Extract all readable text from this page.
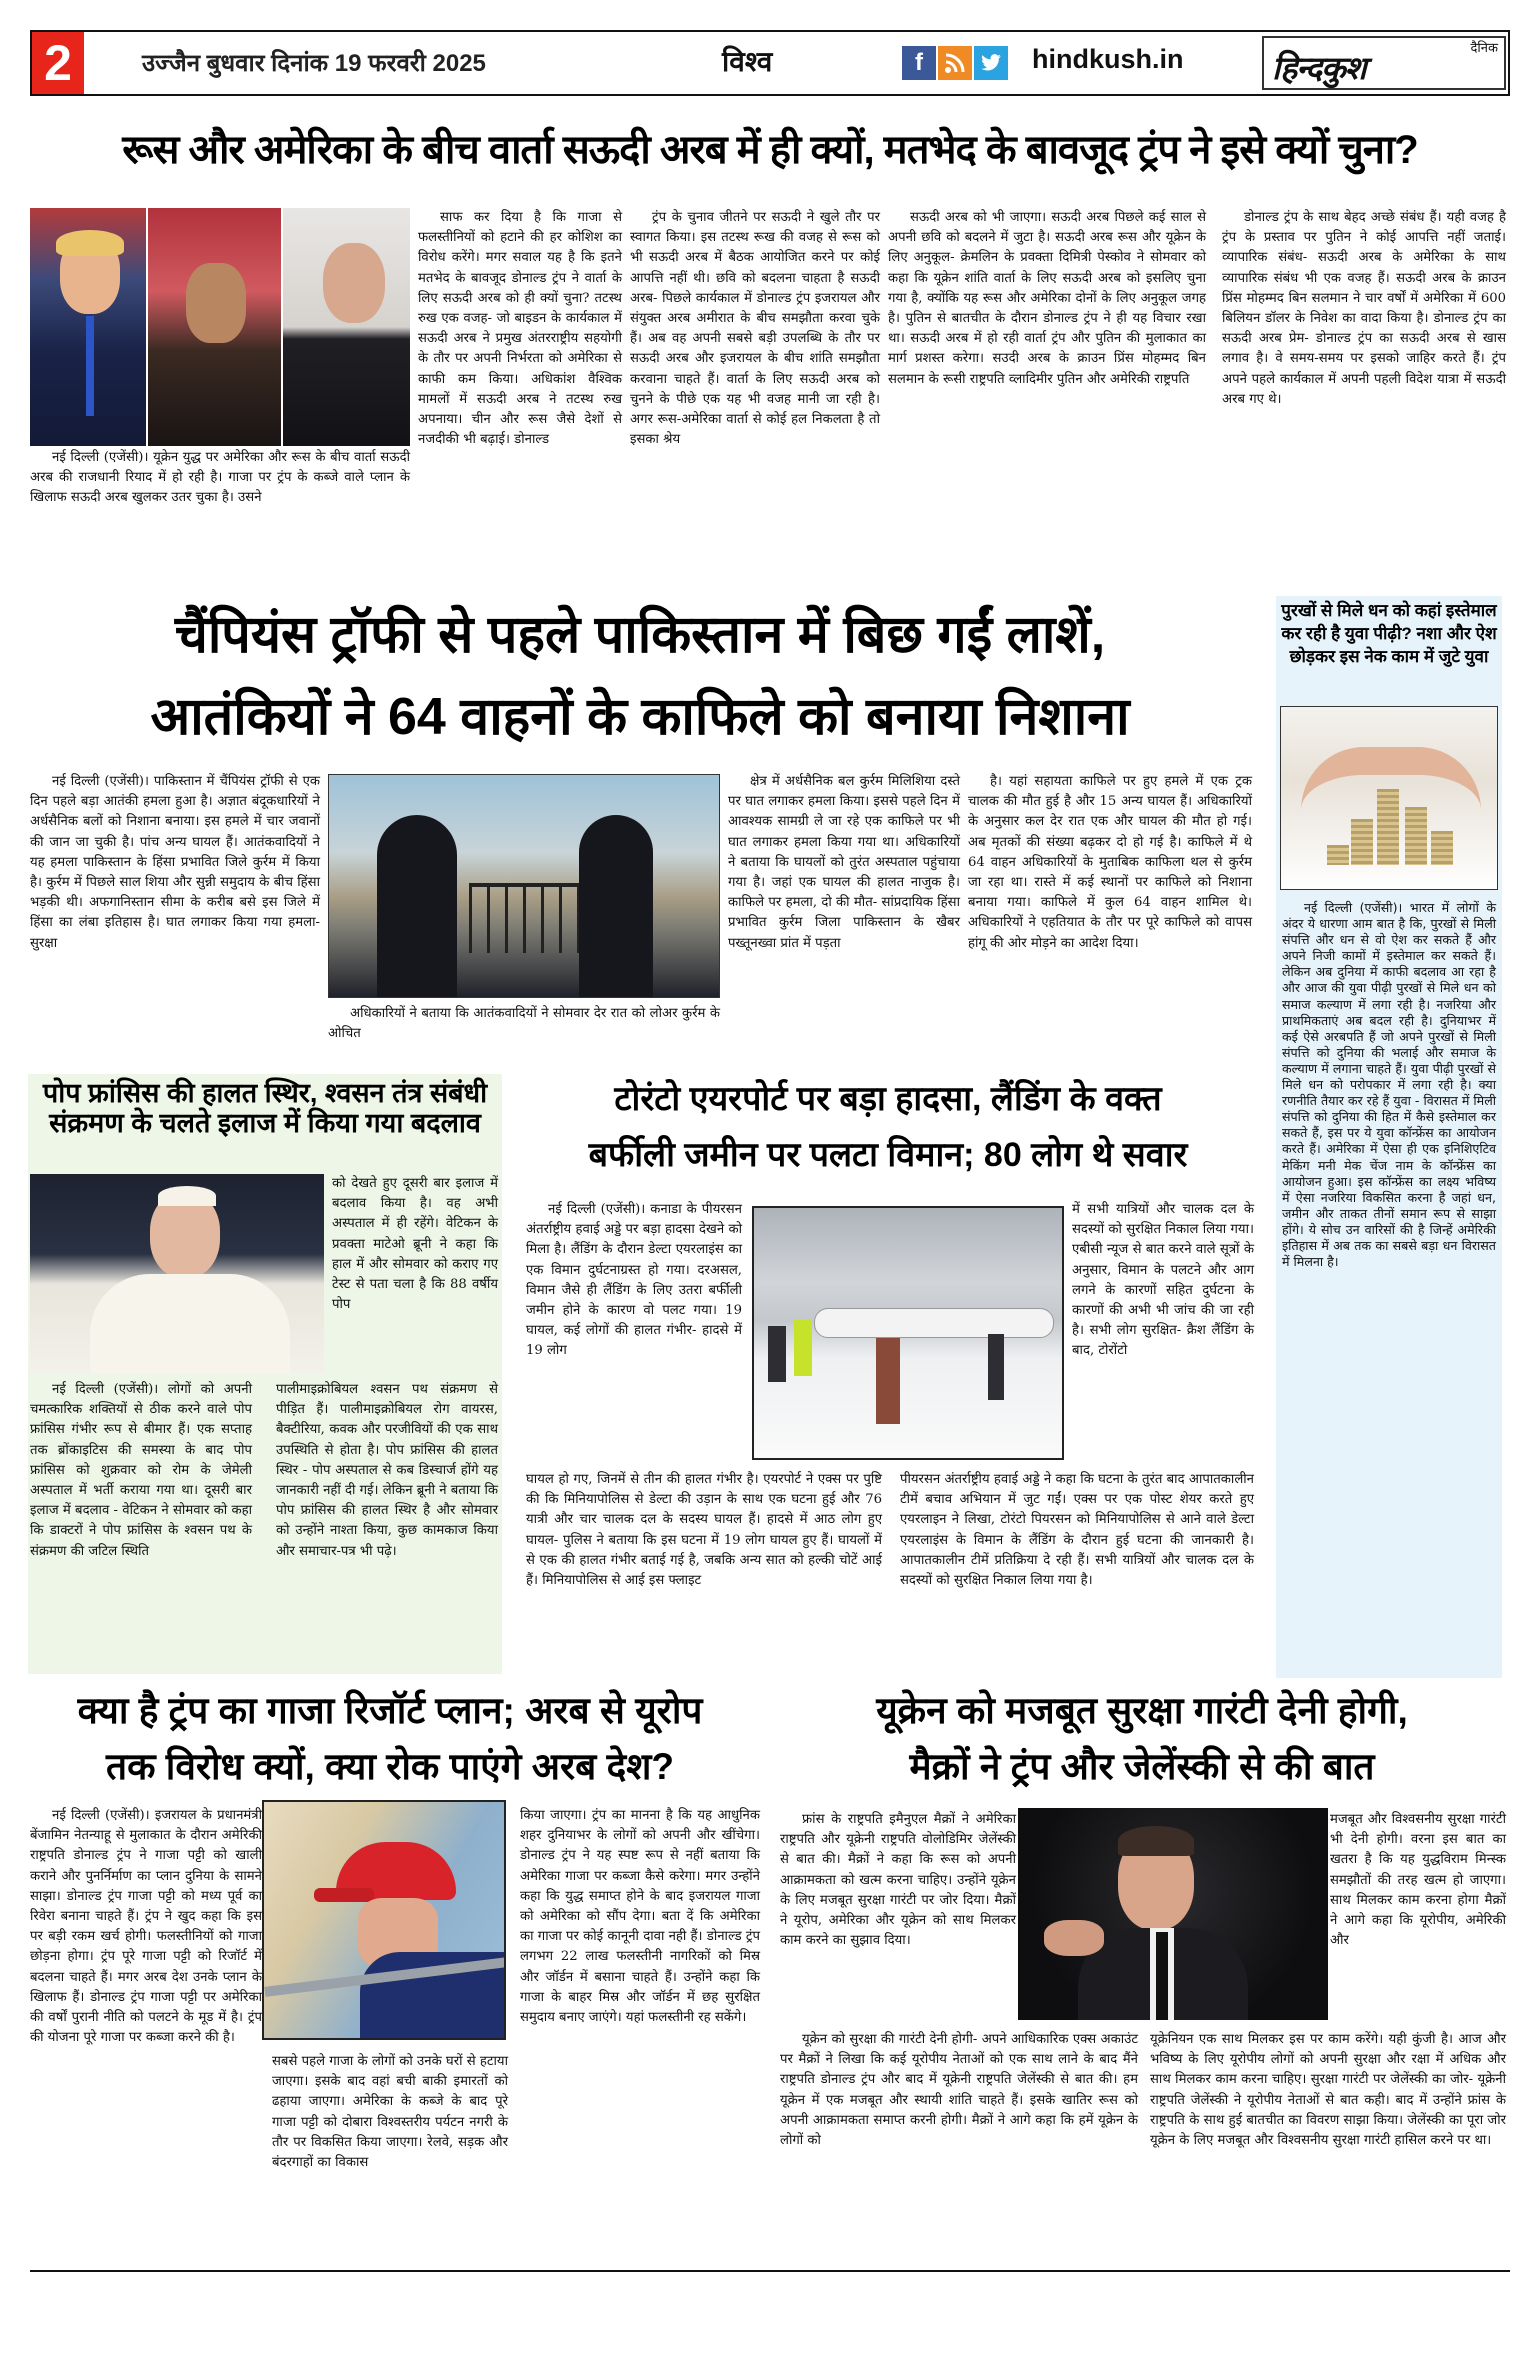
2	उज्जैन बुधवार दिनांक 19 फरवरी 2025	विश्व	f	hindkush.in	दैनिक
हिन्दकुश
रूस और अमेरिका के बीच वार्ता सऊदी अरब में ही क्यों, मतभेद के बावजूद ट्रंप ने इसे क्यों चुना?

नई दिल्ली (एजेंसी)। यूक्रेन युद्ध पर अमेरिका और रूस के बीच वार्ता सऊदी अरब की राजधानी रियाद में हो रही है। गाजा पर ट्रंप के कब्जे वाले प्लान के खिलाफ सऊदी अरब खुलकर उतर चुका है। उसने

साफ कर दिया है कि गाजा से फलस्तीनियों को हटाने की हर कोशिश का विरोध करेंगे। मगर सवाल यह है कि इतने मतभेद के बावजूद डोनाल्ड ट्रंप ने वार्ता के लिए सऊदी अरब को ही क्यों चुना? तटस्थ रुख एक वजह- जो बाइडन के कार्यकाल में सऊदी अरब ने प्रमुख अंतरराष्ट्रीय सहयोगी के तौर पर अपनी निर्भरता को अमेरिका से काफी कम किया। अधिकांश वैश्विक मामलों में सऊदी अरब ने तटस्थ रुख अपनाया। चीन और रूस जैसे देशों से नजदीकी भी बढ़ाई। डोनाल्ड

ट्रंप के चुनाव जीतने पर सऊदी ने खुले तौर पर स्वागत किया। इस तटस्थ रूख की वजह से रूस को भी सऊदी अरब में बैठक आयोजित करने पर कोई आपत्ति नहीं थी। छवि को बदलना चाहता है सऊदी अरब- पिछले कार्यकाल में डोनाल्ड ट्रंप इजरायल और संयुक्त अरब अमीरात के बीच समझौता करवा चुके हैं। अब वह अपनी सबसे बड़ी उपलब्धि के तौर पर सऊदी अरब और इजरायल के बीच शांति समझौता करवाना चाहते हैं। वार्ता के लिए सऊदी अरब को चुनने के पीछे एक यह भी वजह मानी जा रही है। अगर रूस-अमेरिका वार्ता से कोई हल निकलता है तो इसका श्रेय

सऊदी अरब को भी जाएगा। सऊदी अरब पिछले कई साल से अपनी छवि को बदलने में जुटा है। सऊदी अरब रूस और यूक्रेन के लिए अनुकूल- क्रेमलिन के प्रवक्ता दिमित्री पेस्कोव ने सोमवार को कहा कि यूक्रेन शांति वार्ता के लिए सऊदी अरब को इसलिए चुना गया है, क्योंकि यह रूस और अमेरिका दोनों के लिए अनुकूल जगह है। पुतिन से बातचीत के दौरान डोनाल्ड ट्रंप ने ही यह विचार रखा था। सऊदी अरब में हो रही वार्ता ट्रंप और पुतिन की मुलाकात का मार्ग प्रशस्त करेगा। सउदी अरब के क्राउन प्रिंस मोहम्मद बिन सलमान के रूसी राष्ट्रपति व्लादिमीर पुतिन और अमेरिकी राष्ट्रपति

डोनाल्ड ट्रंप के साथ बेहद अच्छे संबंध हैं। यही वजह है ट्रंप के प्रस्ताव पर पुतिन ने कोई आपत्ति नहीं जताई। व्यापारिक संबंध- सऊदी अरब के अमेरिका के साथ व्यापारिक संबंध भी एक वजह हैं। सऊदी अरब के क्राउन प्रिंस मोहम्मद बिन सलमान ने चार वर्षों में अमेरिका में 600 बिलियन डॉलर के निवेश का वादा किया है। डोनाल्ड ट्रंप का सऊदी अरब प्रेम- डोनाल्ड ट्रंप का सऊदी अरब से खास लगाव है। वे समय-समय पर इसको जाहिर करते हैं। ट्रंप अपने पहले कार्यकाल में अपनी पहली विदेश यात्रा में सऊदी अरब गए थे।

चैंपियंस ट्रॉफी से पहले पाकिस्तान में बिछ गईं लाशें,
आतंकियों ने 64 वाहनों के काफिले को बनाया निशाना

नई दिल्ली (एजेंसी)। पाकिस्तान में चैंपियंस ट्रॉफी से एक दिन पहले बड़ा आतंकी हमला हुआ है। अज्ञात बंदूकधारियों ने अर्धसैनिक बलों को निशाना बनाया। इस हमले में चार जवानों की जान जा चुकी है। पांच अन्य घायल हैं। आतंकवादियों ने यह हमला पाकिस्तान के हिंसा प्रभावित जिले कुर्रम में किया है। कुर्रम में पिछले साल शिया और सुन्नी समुदाय के बीच हिंसा भड़की थी। अफगानिस्तान सीमा के करीब बसे इस जिले में हिंसा का लंबा इतिहास है। घात लगाकर किया गया हमला- सुरक्षा

अधिकारियों ने बताया कि आतंकवादियों ने सोमवार देर रात को लोअर कुर्रम के ओचित

क्षेत्र में अर्धसैनिक बल कुर्रम मिलिशिया दस्ते पर घात लगाकर हमला किया। इससे पहले दिन में आवश्यक सामग्री ले जा रहे एक काफिले पर भी घात लगाकर हमला किया गया था। अधिकारियों ने बताया कि घायलों को तुरंत अस्पताल पहुंचाया गया है। जहां एक घायल की हालत नाजुक है। काफिले पर हमला, दो की मौत- सांप्रदायिक हिंसा प्रभावित कुर्रम जिला पाकिस्तान के खैबर पख्तूनख्वा प्रांत में पड़ता

है। यहां सहायता काफिले पर हुए हमले में एक ट्रक चालक की मौत हुई है और 15 अन्य घायल हैं। अधिकारियों के अनुसार कल देर रात एक और घायल की मौत हो गई। अब मृतकों की संख्या बढ़कर दो हो गई है। काफिले में थे 64 वाहन अधिकारियों के मुताबिक काफिला थल से कुर्रम जा रहा था। रास्ते में कई स्थानों पर काफिले को निशाना बनाया गया। काफिले में कुल 64 वाहन शामिल थे। अधिकारियों ने एहतियात के तौर पर पूरे काफिले को वापस हांगू की ओर मोड़ने का आदेश दिया।

पुरखों से मिले धन को कहां इस्तेमाल कर रही है युवा पीढ़ी? नशा और ऐश छोड़कर इस नेक काम में जुटे युवा

नई दिल्ली (एजेंसी)। भारत में लोगों के अंदर ये धारणा आम बात है कि, पुरखों से मिली संपत्ति और धन से वो ऐश कर सकते हैं और अपने निजी कामों में इस्तेमाल कर सकते हैं। लेकिन अब दुनिया में काफी बदलाव आ रहा है और आज की युवा पीढ़ी पुरखों से मिले धन को समाज कल्याण में लगा रही है। नजरिया और प्राथमिकताएं अब बदल रही है। दुनियाभर में कई ऐसे अरबपति हैं जो अपने पुरखों से मिली संपत्ति को दुनिया की भलाई और समाज के कल्याण में लगाना चाहते हैं। युवा पीढ़ी पुरखों से मिले धन को परोपकार में लगा रही है। क्या रणनीति तैयार कर रहे हैं युवा - विरासत में मिली संपत्ति को दुनिया की हित में कैसे इस्तेमाल कर सकते हैं, इस पर ये युवा कॉन्फ्रेंस का आयोजन करते हैं। अमेरिका में ऐसा ही एक इनिशिएटिव मेकिंग मनी मेक चेंज नाम के कॉन्फ्रेंस का आयोजन हुआ। इस कॉन्फ्रेंस का लक्ष्य भविष्य में ऐसा नजरिया विकसित करना है जहां धन, जमीन और ताकत तीनों समान रूप से साझा होंगे। ये सोच उन वारिसों की है जिन्हें अमेरिकी इतिहास में अब तक का सबसे बड़ा धन विरासत में मिलना है।

पोप फ्रांसिस की हालत स्थिर, श्वसन तंत्र संबंधी संक्रमण के चलते इलाज में किया गया बदलाव

को देखते हुए दूसरी बार इलाज में बदलाव किया है। वह अभी अस्पताल में ही रहेंगे। वेटिकन के प्रवक्ता माटेओ ब्रूनी ने कहा कि हाल में और सोमवार को कराए गए टेस्ट से पता चला है कि 88 वर्षीय पोप

नई दिल्ली (एजेंसी)। लोगों को अपनी चमत्कारिक शक्तियों से ठीक करने वाले पोप फ्रांसिस गंभीर रूप से बीमार हैं। एक सप्ताह तक ब्रोंकाइटिस की समस्या के बाद पोप फ्रांसिस को शुक्रवार को रोम के जेमेली अस्पताल में भर्ती कराया गया था। दूसरी बार इलाज में बदलाव - वेटिकन ने सोमवार को कहा कि डाक्टरों ने पोप फ्रांसिस के श्वसन पथ के संक्रमण की जटिल स्थिति

पालीमाइक्रोबियल श्वसन पथ संक्रमण से पीड़ित हैं। पालीमाइक्रोबियल रोग वायरस, बैक्टीरिया, कवक और परजीवियों की एक साथ उपस्थिति से होता है। पोप फ्रांसिस की हालत स्थिर - पोप अस्पताल से कब डिस्चार्ज होंगे यह जानकारी नहीं दी गई। लेकिन ब्रूनी ने बताया कि पोप फ्रांसिस की हालत स्थिर है और सोमवार को उन्होंने नाश्ता किया, कुछ कामकाज किया और समाचार-पत्र भी पढ़े।

टोरंटो एयरपोर्ट पर बड़ा हादसा, लैंडिंग के वक्त
बर्फीली जमीन पर पलटा विमान; 80 लोग थे सवार

नई दिल्ली (एजेंसी)। कनाडा के पीयरसन अंतर्राष्ट्रीय हवाई अड्डे पर बड़ा हादसा देखने को मिला है। लैंडिंग के दौरान डेल्टा एयरलाइंस का एक विमान दुर्घटनाग्रस्त हो गया। दरअसल, विमान जैसे ही लैंडिंग के लिए उतरा बर्फीली जमीन होने के कारण वो पलट गया। 19 घायल, कई लोगों की हालत गंभीर- हादसे में 19 लोग

में सभी यात्रियों और चालक दल के सदस्यों को सुरक्षित निकाल लिया गया। एबीसी न्यूज से बात करने वाले सूत्रों के अनुसार, विमान के पलटने और आग लगने के कारणों सहित दुर्घटना के कारणों की अभी भी जांच की जा रही है। सभी लोग सुरक्षित- क्रैश लैंडिंग के बाद, टोरोंटो

घायल हो गए, जिनमें से तीन की हालत गंभीर है। एयरपोर्ट ने एक्स पर पुष्टि की कि मिनियापोलिस से डेल्टा की उड़ान के साथ एक घटना हुई और 76 यात्री और चार चालक दल के सदस्य घायल हैं। हादसे में आठ लोग हुए घायल- पुलिस ने बताया कि इस घटना में 19 लोग घायल हुए हैं। घायलों में से एक की हालत गंभीर बताई गई है, जबकि अन्य सात को हल्की चोटें आई हैं। मिनियापोलिस से आई इस फ्लाइट

पीयरसन अंतर्राष्ट्रीय हवाई अड्डे ने कहा कि घटना के तुरंत बाद आपातकालीन टीमें बचाव अभियान में जुट गईं। एक्स पर एक पोस्ट शेयर करते हुए एयरलाइन ने लिखा, टोरंटो पियरसन को मिनियापोलिस से आने वाले डेल्टा एयरलाइंस के विमान के लैंडिंग के दौरान हुई घटना की जानकारी है। आपातकालीन टीमें प्रतिक्रिया दे रही हैं। सभी यात्रियों और चालक दल के सदस्यों को सुरक्षित निकाल लिया गया है।

क्या है ट्रंप का गाजा रिजॉर्ट प्लान; अरब से यूरोप
तक विरोध क्यों, क्या रोक पाएंगे अरब देश?

नई दिल्ली (एजेंसी)। इजरायल के प्रधानमंत्री बेंजामिन नेतन्याहू से मुलाकात के दौरान अमेरिकी राष्ट्रपति डोनाल्ड ट्रंप ने गाजा पट्टी को खाली कराने और पुनर्निर्माण का प्लान दुनिया के सामने साझा। डोनाल्ड ट्रंप गाजा पट्टी को मध्य पूर्व का रिवेरा बनाना चाहते हैं। ट्रंप ने खुद कहा कि इस पर बड़ी रकम खर्च होगी। फलस्तीनियों को गाजा छोड़ना होगा। ट्रंप पूरे गाजा पट्टी को रिजॉर्ट में बदलना चाहते हैं। मगर अरब देश उनके प्लान के खिलाफ हैं। डोनाल्ड ट्रंप गाजा पट्टी पर अमेरिका की वर्षों पुरानी नीति को पलटने के मूड में है। ट्रंप की योजना पूरे गाजा पर कब्जा करने की है।

सबसे पहले गाजा के लोगों को उनके घरों से हटाया जाएगा। इसके बाद वहां बची बाकी इमारतों को ढहाया जाएगा। अमेरिका के कब्जे के बाद पूरे गाजा पट्टी को दोबारा विश्वस्तरीय पर्यटन नगरी के तौर पर विकसित किया जाएगा। रेलवे, सड़क और बंदरगाहों का विकास

किया जाएगा। ट्रंप का मानना है कि यह आधुनिक शहर दुनियाभर के लोगों को अपनी और खींचेगा। डोनाल्ड ट्रंप ने यह स्पष्ट रूप से नहीं बताया कि अमेरिका गाजा पर कब्जा कैसे करेगा। मगर उन्होंने कहा कि युद्ध समाप्त होने के बाद इजरायल गाजा को अमेरिका को सौंप देगा। बता दें कि अमेरिका का गाजा पर कोई कानूनी दावा नही हैं। डोनाल्ड ट्रंप लगभग 22 लाख फलस्तीनी नागरिकों को मिस्र और जॉर्डन में बसाना चाहते हैं। उन्होंने कहा कि गाजा के बाहर मिस्र और जॉर्डन में छह सुरक्षित समुदाय बनाए जाएंगे। यहां फलस्तीनी रह सकेंगे।

यूक्रेन को मजबूत सुरक्षा गारंटी देनी होगी,
मैक्रों ने ट्रंप और जेलेंस्की से की बात

फ्रांस के राष्ट्रपति इमैनुएल मैक्रों ने अमेरिका राष्ट्रपति और यूक्रेनी राष्ट्रपति वोलोडिमिर जेलेंस्की से बात की। मैक्रों ने कहा कि रूस को अपनी आक्रामकता को खत्म करना चाहिए। उन्होंने यूक्रेन के लिए मजबूत सुरक्षा गारंटी पर जोर दिया। मैक्रों ने यूरोप, अमेरिका और यूक्रेन को साथ मिलकर काम करने का सुझाव दिया।

मजबूत और विश्वसनीय सुरक्षा गारंटी भी देनी होगी। वरना इस बात का खतरा है कि यह युद्धविराम मिन्स्क समझौतों की तरह खत्म हो जाएगा। साथ मिलकर काम करना होगा मैक्रों ने आगे कहा कि यूरोपीय, अमेरिकी और

यूक्रेन को सुरक्षा की गारंटी देनी होगी- अपने आधिकारिक एक्स अकाउंट पर मैक्रों ने लिखा कि कई यूरोपीय नेताओं को एक साथ लाने के बाद मैंने राष्ट्रपति डोनाल्ड ट्रंप और बाद में यूक्रेनी राष्ट्रपति जेलेंस्की से बात की। हम यूक्रेन में एक मजबूत और स्थायी शांति चाहते हैं। इसके खातिर रूस को अपनी आक्रामकता समाप्त करनी होगी। मैक्रों ने आगे कहा कि हमें यूक्रेन के लोगों को

यूक्रेनियन एक साथ मिलकर इस पर काम करेंगे। यही कुंजी है। आज और भविष्य के लिए यूरोपीय लोगों को अपनी सुरक्षा और रक्षा में अधिक और साथ मिलकर काम करना चाहिए। सुरक्षा गारंटी पर जेलेंस्की का जोर- यूक्रेनी राष्ट्रपति जेलेंस्की ने यूरोपीय नेताओं से बात कही। बाद में उन्होंने फ्रांस के राष्ट्रपति के साथ हुई बातचीत का विवरण साझा किया। जेलेंस्की का पूरा जोर यूक्रेन के लिए मजबूत और विश्वसनीय सुरक्षा गारंटी हासिल करने पर था।
